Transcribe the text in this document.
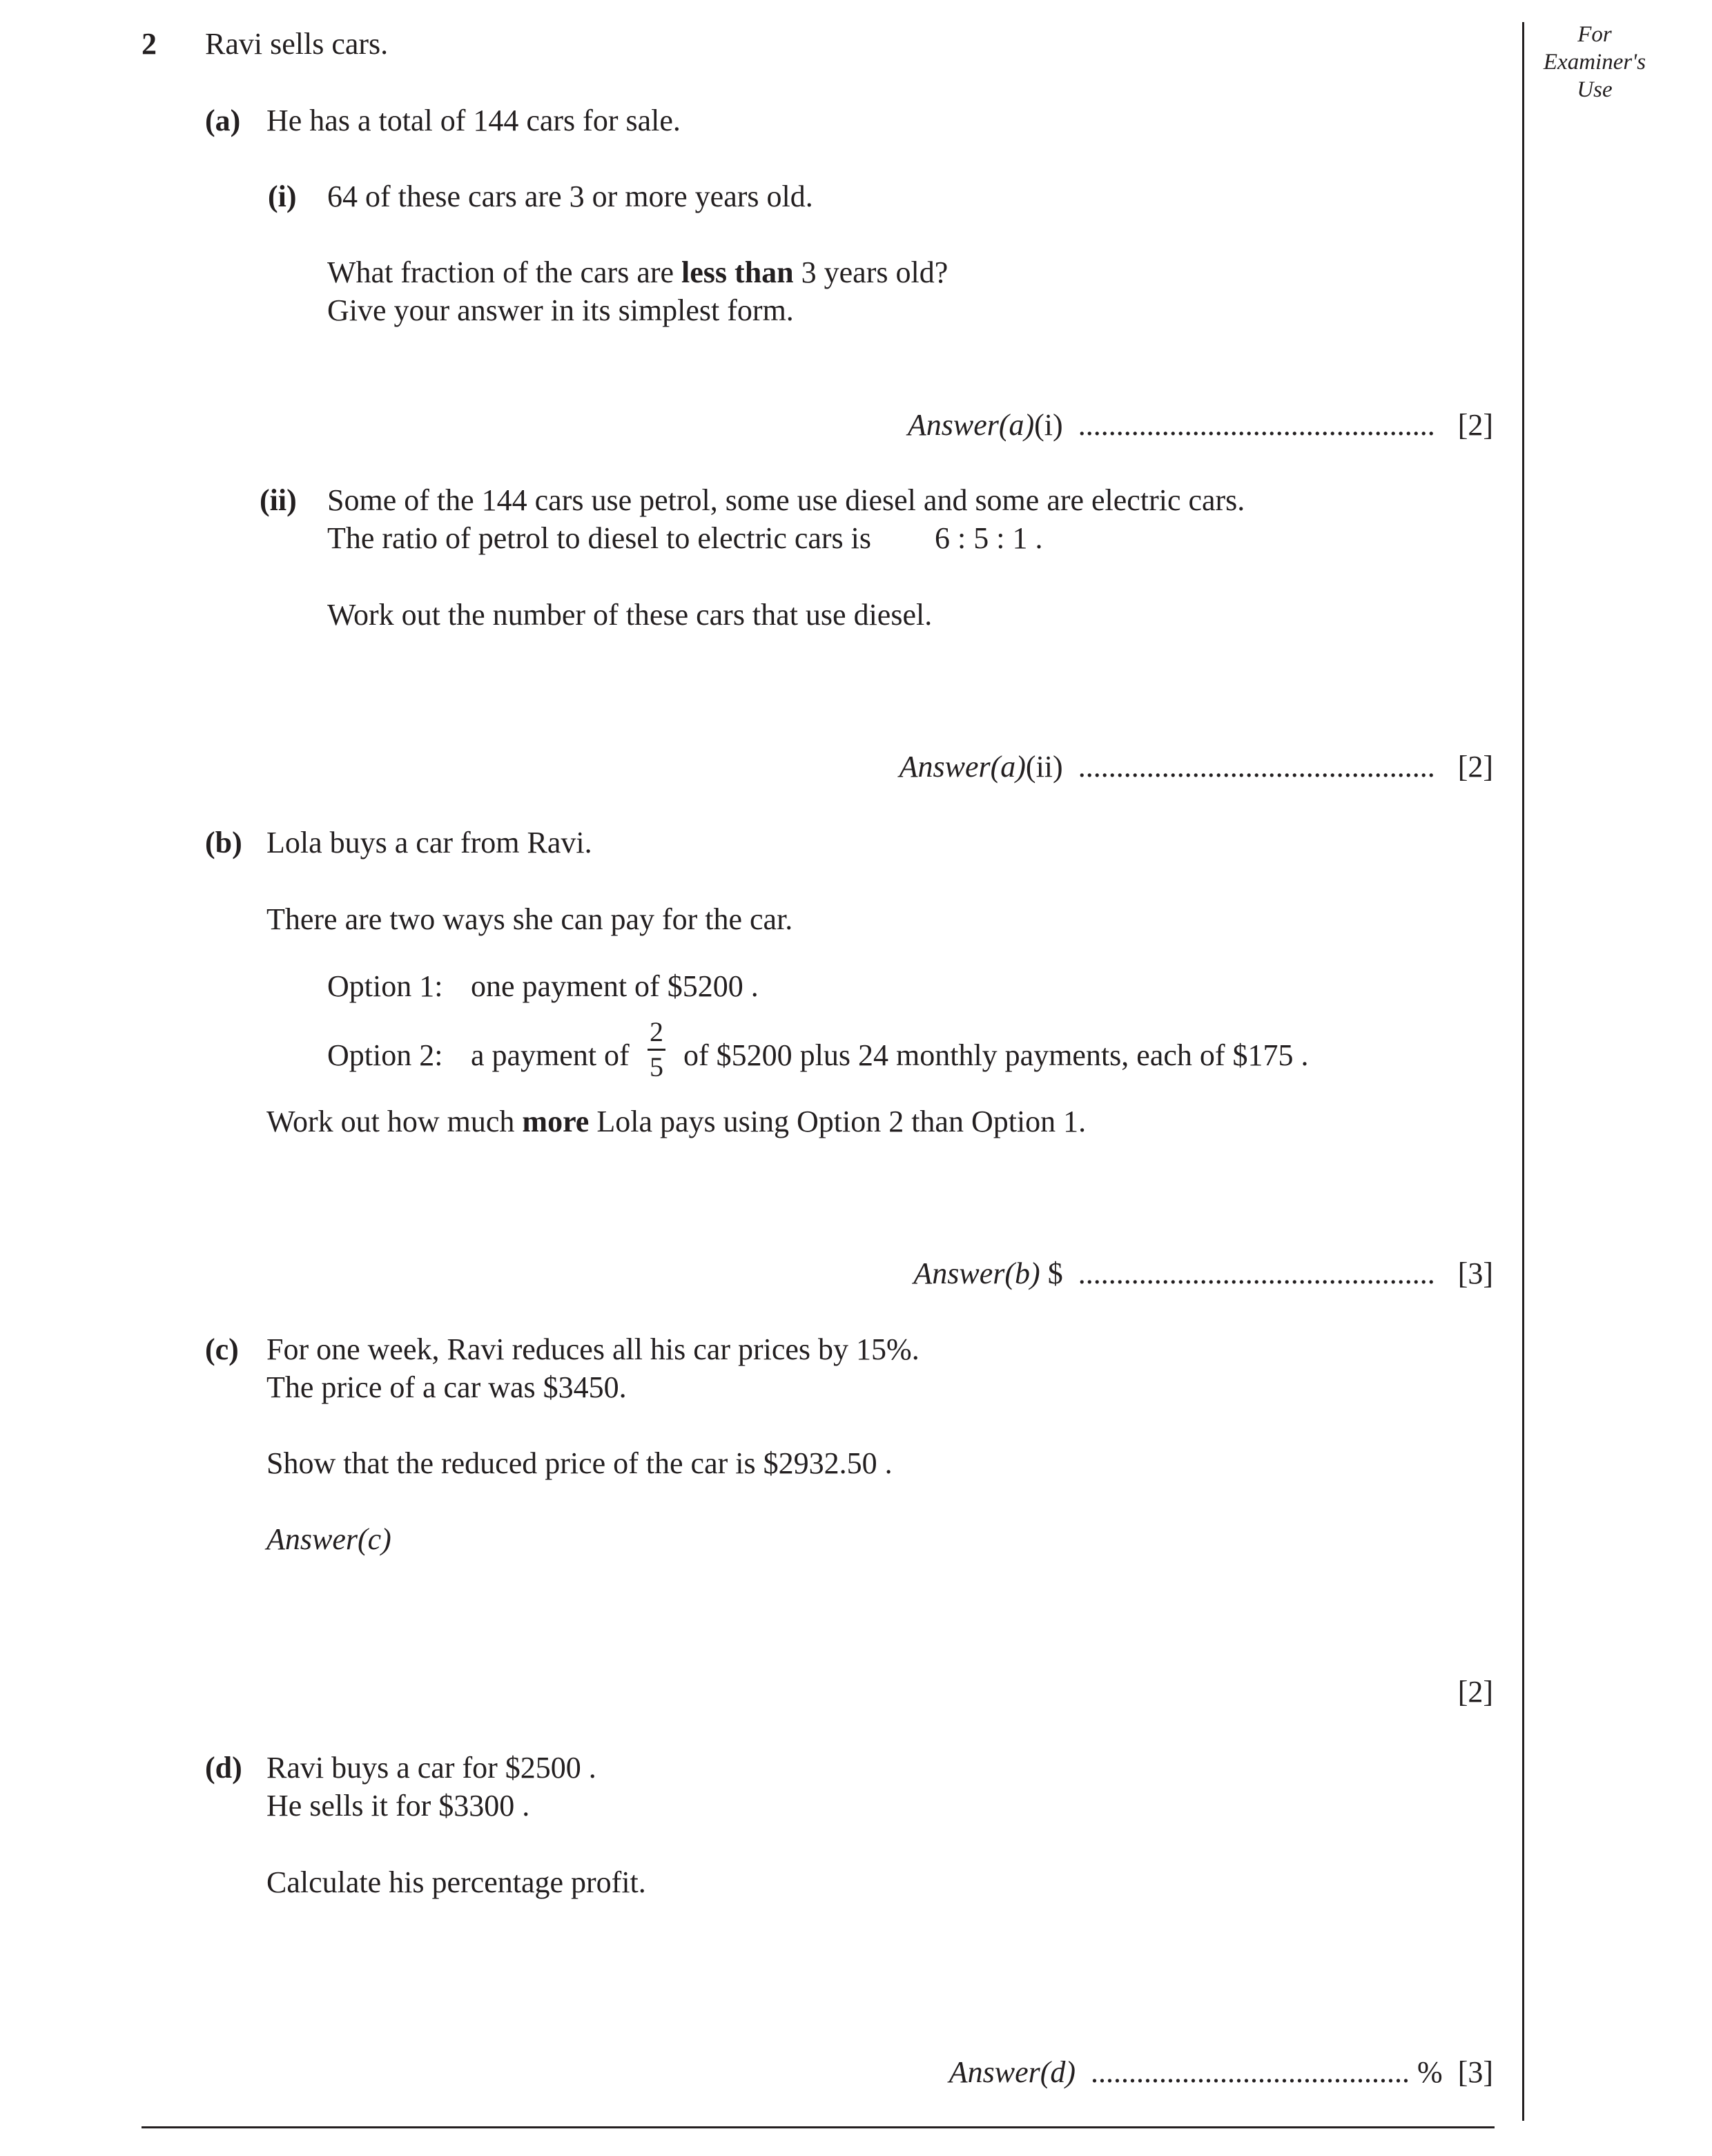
For Examiner's Use
2 Ravi sells cars.
(a) He has a total of 144 cars for sale.
(i) 64 of these cars are 3 or more years old.
What fraction of the cars are less than 3 years old?
Give your answer in its simplest form.
Answer(a)(i) ............................................... [2]
(ii) Some of the 144 cars use petrol, some use diesel and some are electric cars.
The ratio of petrol to diesel to electric cars is 6 : 5 : 1 .
Work out the number of these cars that use diesel.
Answer(a)(ii) ............................................... [2]
(b) Lola buys a car from Ravi.
There are two ways she can pay for the car.
Option 1: one payment of $5200 .
Option 2: a payment of
2
5 of $5200 plus 24 monthly payments, each of $175 .
Work out how much more Lola pays using Option 2 than Option 1.
Answer(b) $ ............................................... [3]
(c) For one week, Ravi reduces all his car prices by 15%.
The price of a car was $3450.
Show that the reduced price of the car is $2932.50 .
Answer(c)
[2]
(d) Ravi buys a car for $2500 .
He sells it for $3300 .
Calculate his percentage profit.
Answer(d) .......................................... % [3]
